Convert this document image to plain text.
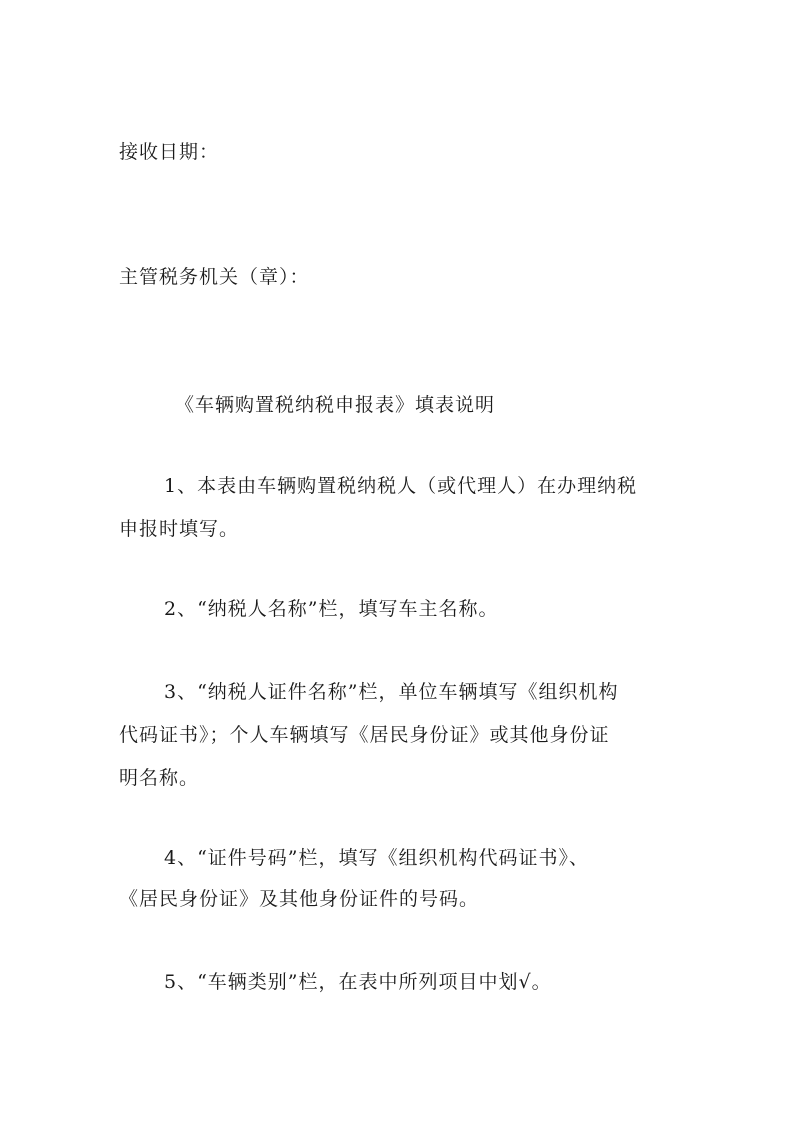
接收日期：
主管税务机关（章）：
《车辆购置税纳税申报表》填表说明
1、本表由车辆购置税纳税人（或代理人）在办理纳税
申报时填写。
2、“纳税人名称”栏，填写车主名称。
3、“纳税人证件名称”栏，单位车辆填写《组织机构
代码证书》；个人车辆填写《居民身份证》或其他身份证
明名称。
4、“证件号码”栏，填写《组织机构代码证书》、
《居民身份证》及其他身份证件的号码。
5、“车辆类别”栏，在表中所列项目中划√。
